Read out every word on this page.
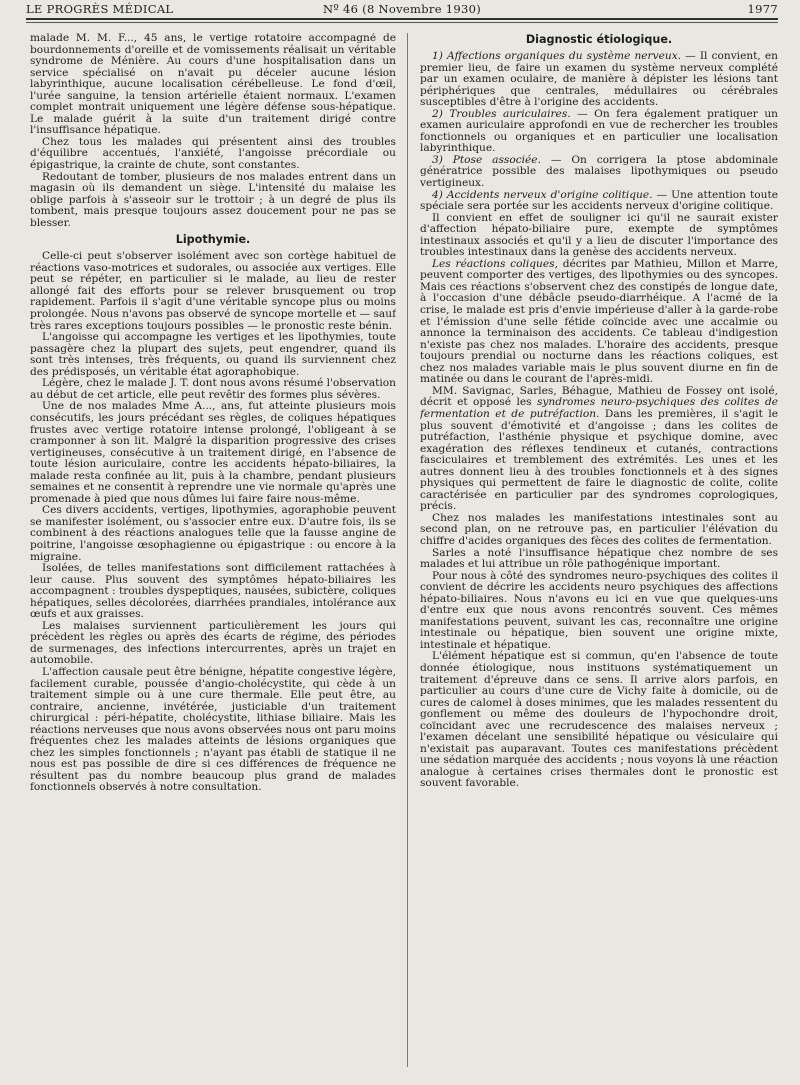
LE PROGRÈS MÉDICAL	Nº 46 (8 Novembre 1930)	1977

malade M. M. F..., 45 ans, le vertige rotatoire accompagné de bourdonnements d'oreille et de vomissements réalisait un véritable syndrome de Ménière. Au cours d'une hospitalisation dans un service spécialisé on n'avait pu déceler aucune lésion labyrinthique, aucune localisation cérébelleuse. Le fond d'œil, l'urée sanguine, la tension artérielle étaient normaux. L'examen complet montrait uniquement une légère défense sous-hépatique. Le malade guérit à la suite d'un traitement dirigé contre l'insuffisance hépatique.

Chez tous les malades qui présentent ainsi des troubles d'équilibre accentués, l'anxiété, l'angoisse précordiale ou épigastrique, la crainte de chute, sont constantes.

Redoutant de tomber, plusieurs de nos malades entrent dans un magasin où ils demandent un siège. L'intensité du malaise les oblige parfois à s'asseoir sur le trottoir ; à un degré de plus ils tombent, mais presque toujours assez doucement pour ne pas se blesser.

Lipothymie.

Celle-ci peut s'observer isolément avec son cortège habituel de réactions vaso-motrices et sudorales, ou associée aux vertiges. Elle peut se répéter, en particulier si le malade, au lieu de rester allongé fait des efforts pour se relever brusquement ou trop rapidement. Parfois il s'agit d'une véritable syncope plus ou moins prolongée. Nous n'avons pas observé de syncope mortelle et — sauf très rares exceptions toujours possibles — le pronostic reste bénin.

L'angoisse qui accompagne les vertiges et les lipothymies, toute passagère chez la plupart des sujets, peut engendrer, quand ils sont très intenses, très fréquents, ou quand ils surviennent chez des prédisposés, un véritable état agoraphobique.

Légère, chez le malade J. T. dont nous avons résumé l'observation au début de cet article, elle peut revêtir des formes plus sévères.

Une de nos malades Mme A..., ans, fut atteinte plusieurs mois consécutifs, les jours précédant ses règles, de coliques hépatiques frustes avec vertige rotatoire intense prolongé, l'obligeant à se cramponner à son lit. Malgré la disparition progressive des crises vertigineuses, consécutive à un traitement dirigé, en l'absence de toute lésion auriculaire, contre les accidents hépato-biliaires, la malade resta confinée au lit, puis à la chambre, pendant plusieurs semaines et ne consentit à reprendre une vie normale qu'après une promenade à pied que nous dûmes lui faire faire nous-même.

Ces divers accidents, vertiges, lipothymies, agoraphobie peuvent se manifester isolément, ou s'associer entre eux. D'autre fois, ils se combinent à des réactions analogues telle que la fausse angine de poitrine, l'angoisse œsophagienne ou épigastrique : ou encore à la migraine.

Isolées, de telles manifestations sont difficilement rattachées à leur cause. Plus souvent des symptômes hépato-biliaires les accompagnent : troubles dyspeptiques, nausées, subictère, coliques hépatiques, selles décolorées, diarrhées prandiales, intolérance aux œufs et aux graisses.

Les malaises surviennent particulièrement les jours qui précèdent les règles ou après des écarts de régime, des périodes de surmenages, des infections intercurrentes, après un trajet en automobile.

L'affection causale peut être bénigne, hépatite congestive légère, facilement curable, poussée d'angio-cholécystite, qui cède à un traitement simple ou à une cure thermale. Elle peut être, au contraire, ancienne, invétérée, justiciable d'un traitement chirurgical : péri-hépatite, cholécystite, lithiase biliaire. Mais les réactions nerveuses que nous avons observées nous ont paru moins fréquentes chez les malades atteints de lésions organiques que chez les simples fonctionnels ; n'ayant pas établi de statique il ne nous est pas possible de dire si ces différences de fréquence ne résultent pas du nombre beaucoup plus grand de malades fonctionnels observés à notre consultation.

Diagnostic étiologique.

1) Affections organiques du système nerveux. — Il convient, en premier lieu, de faire un examen du système nerveux complété par un examen oculaire, de manière à dépister les lésions tant périphériques que centrales, médullaires ou cérébrales susceptibles d'être à l'origine des accidents.

2) Troubles auriculaires. — On fera également pratiquer un examen auriculaire approfondi en vue de rechercher les troubles fonctionnels ou organiques et en particulier une localisation labyrinthique.

3) Ptose associée. — On corrigera la ptose abdominale génératrice possible des malaises lipothymiques ou pseudo vertigineux.

4) Accidents nerveux d'origine colitique. — Une attention toute spéciale sera portée sur les accidents nerveux d'origine colitique.

Il convient en effet de souligner ici qu'il ne saurait exister d'affection hépato-biliaire pure, exempte de symptômes intestinaux associés et qu'il y a lieu de discuter l'importance des troubles intestinaux dans la genèse des accidents nerveux.

Les réactions coliques, décrites par Mathieu, Millon et Marre, peuvent comporter des vertiges, des lipothymies ou des syncopes. Mais ces réactions s'observent chez des constipés de longue date, à l'occasion d'une débâcle pseudo-diarrhéique. A l'acmé de la crise, le malade est pris d'envie impérieuse d'aller à la garde-robe et l'émission d'une selle fétide coïncide avec une accalmie ou annonce la terminaison des accidents. Ce tableau d'indigestion n'existe pas chez nos malades. L'horaire des accidents, presque toujours prendial ou nocturne dans les réactions coliques, est chez nos malades variable mais le plus souvent diurne en fin de matinée ou dans le courant de l'après-midi.

MM. Savignac, Sarles, Béhague, Mathieu de Fossey ont isolé, décrit et opposé les syndromes neuro-psychiques des colites de fermentation et de putréfaction. Dans les premières, il s'agit le plus souvent d'émotivité et d'angoisse ; dans les colites de putréfaction, l'asthénie physique et psychique domine, avec exagération des réflexes tendineux et cutanés, contractions fasciculaires et tremblement des extrémités. Les unes et les autres donnent lieu à des troubles fonctionnels et à des signes physiques qui permettent de faire le diagnostic de colite, colite caractérisée en particulier par des syndromes coprologiques, précis.

Chez nos malades les manifestations intestinales sont au second plan, on ne retrouve pas, en particulier l'élévation du chiffre d'acides organiques des fèces des colites de fermentation.

Sarles a noté l'insuffisance hépatique chez nombre de ses malades et lui attribue un rôle pathogénique important.

Pour nous à côté des syndromes neuro-psychiques des colites il convient de décrire les accidents neuro psychiques des affections hépato-biliaires. Nous n'avons eu ici en vue que quelques-uns d'entre eux que nous avons rencontrés souvent. Ces mêmes manifestations peuvent, suivant les cas, reconnaître une origine intestinale ou hépatique, bien souvent une origine mixte, intestinale et hépatique.

L'élément hépatique est si commun, qu'en l'absence de toute donnée étiologique, nous instituons systématiquement un traitement d'épreuve dans ce sens. Il arrive alors parfois, en particulier au cours d'une cure de Vichy faite à domicile, ou de cures de calomel à doses minimes, que les malades ressentent du gonflement ou même des douleurs de l'hypochondre droit, coïncidant avec une recrudescence des malaises nerveux ; l'examen décelant une sensibilité hépatique ou vésiculaire qui n'existait pas auparavant. Toutes ces manifestations précèdent une sédation marquée des accidents ; nous voyons là une réaction analogue à certaines crises thermales dont le pronostic est souvent favorable.
